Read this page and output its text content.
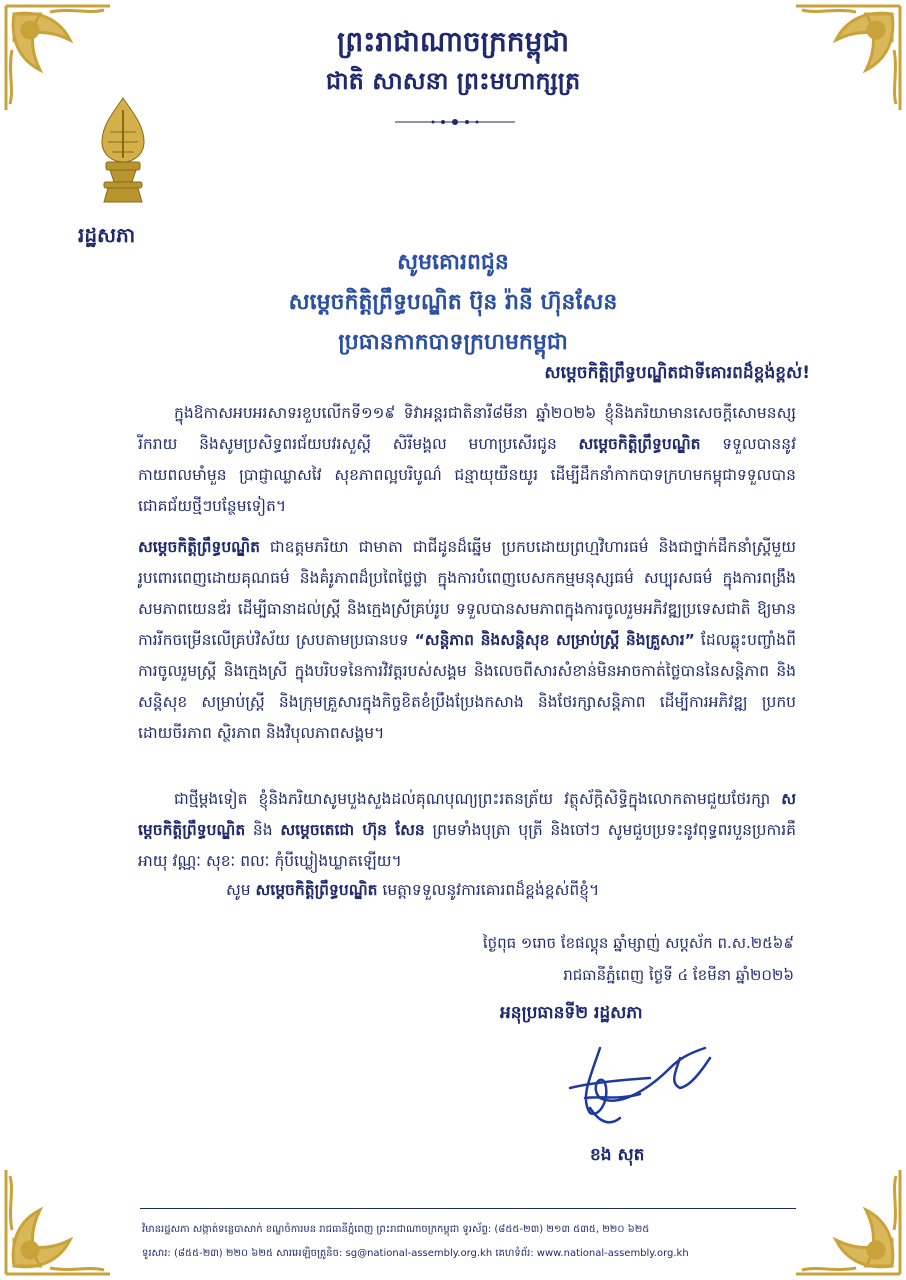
ព្រះរាជាណាចក្រកម្ពុជា
ជាតិ សាសនា ព្រះមហាក្សត្រ
រដ្ឋសភា
សូមគោរពជូន
សម្តេចកិត្តិព្រឹទ្ធបណ្ឌិត ប៊ុន រ៉ានី ហ៊ុនសែន
ប្រធានកាកបាទក្រហមកម្ពុជា
សម្តេចកិត្តិព្រឹទ្ធបណ្ឌិតជាទីគោរពដ៏ខ្ពង់ខ្ពស់!
ក្នុងឱកាសអបអរសាទរខួបលើកទី១១៩ ទិវាអន្តរជាតិនារី៨មីនា ឆ្នាំ២០២៦ ខ្ញុំនិងភរិយាមានសេចក្តីសោមនស្សរីករាយ និងសូមប្រសិទ្ធពរជ័យបវរសួស្តី សិរីមង្គល មហាប្រសើរជូន សម្តេចកិត្តិព្រឹទ្ធបណ្ឌិត ទទួលបាននូវកាយពលមាំមួន ប្រាជ្ញាឈ្លាសវៃ សុខភាពល្អបរិបូណ៌ ជន្មាយុយឺនយូរ ដើម្បីដឹកនាំកាកបាទក្រហមកម្ពុជាទទួលបានជោគជ័យថ្មីៗបន្ថែមទៀត។
សម្តេចកិត្តិព្រឹទ្ធបណ្ឌិត ជាឧត្តមភរិយា ជាមាតា ជាជីដូនដ៏ឆ្នើម ប្រកបដោយព្រហ្មវិហារធម៌ និងជាថ្នាក់ដឹកនាំស្ត្រីមួយរូបពោរពេញដោយគុណធម៌ និងគំរូភាពដ៏ប្រពៃថ្លៃថ្លា ក្នុងការបំពេញបេសកកម្មមនុស្សធម៌ សប្បុរសធម៌ ក្នុងការពង្រឹងសមភាពយេនឌ័រ ដើម្បីធានាដល់ស្ត្រី និងក្មេងស្រីគ្រប់រូប ទទួលបានសមភាពក្នុងការចូលរួមអភិវឌ្ឍប្រទេសជាតិ ឱ្យមានការរីកចម្រើនលើគ្រប់វិស័យ ស្របតាមប្រធានបទ “សន្តិភាព និងសន្តិសុខ សម្រាប់ស្ត្រី និងគ្រួសារ” ដែលឆ្លុះបញ្ចាំងពីការចូលរួមស្ត្រី និងក្មេងស្រី ក្នុងបរិបទនៃការវិវត្តរបស់សង្គម និងលេចពីសារសំខាន់មិនអាចកាត់ថ្លៃបាននៃសន្តិភាព និងសន្តិសុខ សម្រាប់ស្ត្រី និងក្រុមគ្រួសារក្នុងកិច្ចខិតខំប្រឹងប្រែងកសាង និងថែរក្សាសន្តិភាព ដើម្បីការអភិវឌ្ឍ ប្រកបដោយចីរភាព ស្ថិរភាព និងវិបុលភាពសង្គម។
ជាថ្មីម្តងទៀត ខ្ញុំនិងភរិយាសូមបួងសួងដល់គុណបុណ្យព្រះរតនត្រ័យ វត្ថុស័ក្តិសិទ្ធិក្នុងលោកតាមជួយថែរក្សា សម្តេចកិត្តិព្រឹទ្ធបណ្ឌិត និង សម្តេចតេជោ ហ៊ុន សែន ព្រមទាំងបុត្រា បុត្រី និងចៅៗ សូមជួបប្រទះនូវពុទ្ធពរបួនប្រការគឺ អាយុ វណ្ណៈ សុខៈ ពលៈ កុំបីឃ្លៀងឃ្លាតឡើយ។
សូម សម្តេចកិត្តិព្រឹទ្ធបណ្ឌិត មេត្តាទទួលនូវការគោរពដ៏ខ្ពង់ខ្ពស់ពីខ្ញុំ។
ថ្ងៃពុធ ១រោច ខែផល្គុន ឆ្នាំម្សាញ់ សប្តស័ក ព.ស.២៥៦៩
រាជធានីភ្នំពេញ ថ្ងៃទី ៤ ខែមីនា ឆ្នាំ២០២៦
អនុប្រធានទី២ រដ្ឋសភា
ខង សុត
វិមានរដ្ឋសភា សង្កាត់ទន្លេបាសាក់ ខណ្ឌចំការមន រាជធានីភ្នំពេញ ព្រះរាជាណាចក្រកម្ពុជា ទូរស័ព្ទ: (៨៥៥-២៣) ២១៣ ៥៣៥, ២២០ ៦២៥
ទូរសារ: (៨៥៥-២៣) ២២០ ៦២៥ សារអេឡិចត្រូនិច: sg@national-assembly.org.kh គេហទំព័រ: www.national-assembly.org.kh
